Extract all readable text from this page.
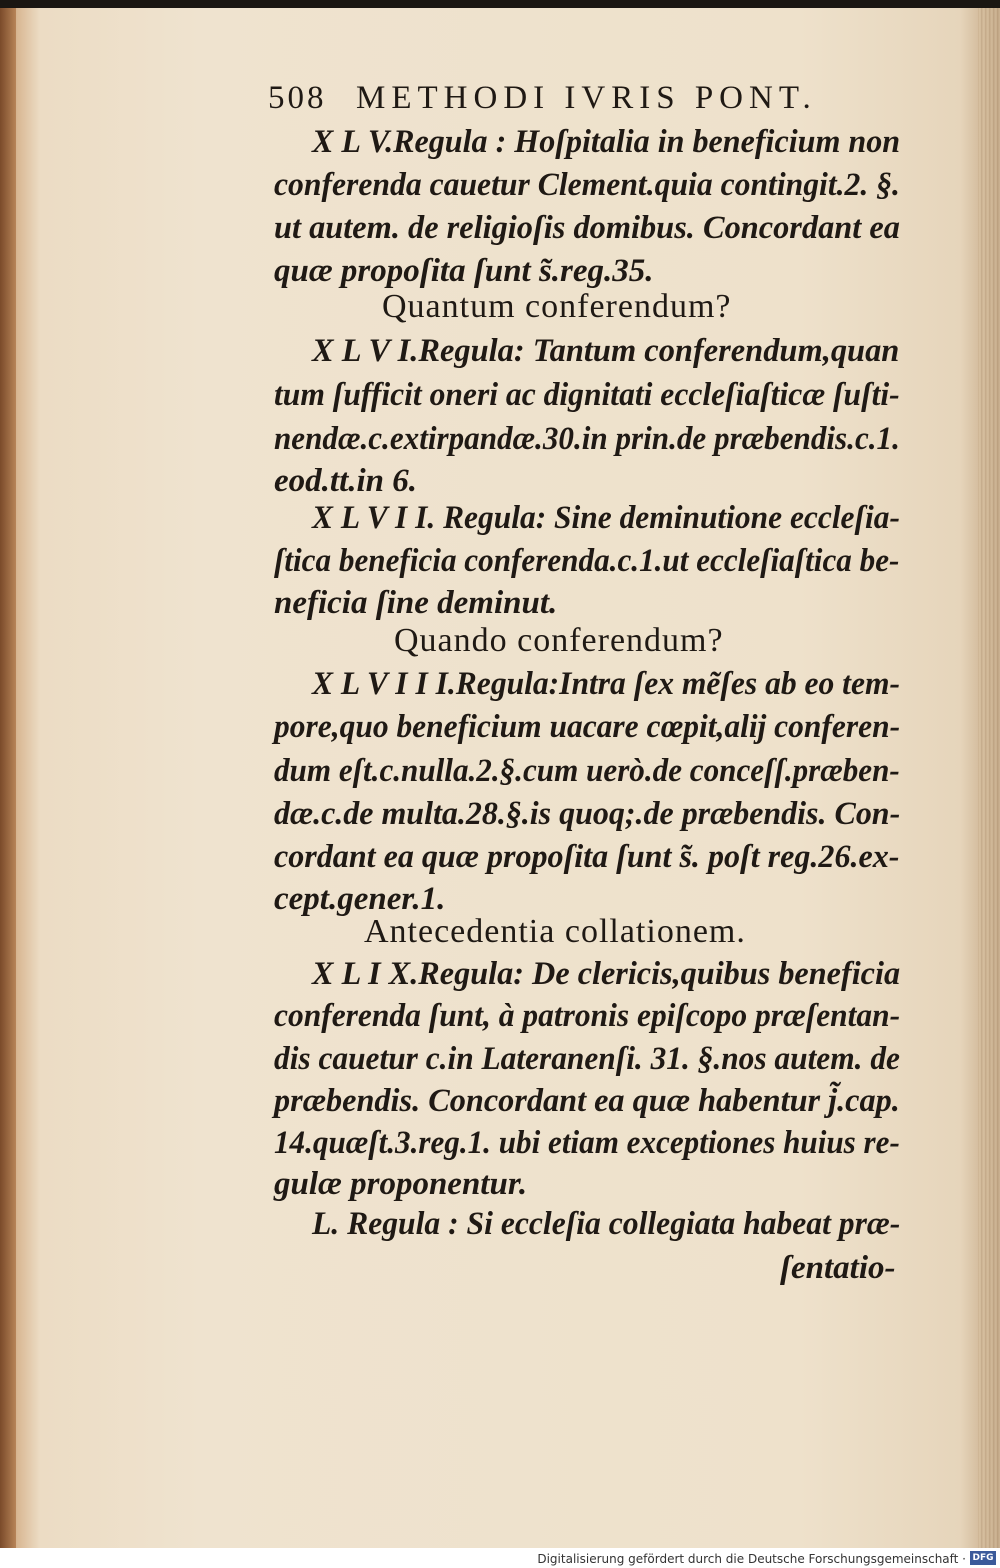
508 METHODI IVRIS PONT.
X L V.Regula : Hoſpitalia in beneficium non
conferenda cauetur Clement.quia contingit.2. §.
ut autem. de religioſis domibus. Concordant ea
quæ propoſita ſunt s̃.reg.35.
Quantum conferendum?
X L V I.Regula: Tantum conferendum,quan
tum ſufficit oneri ac dignitati eccleſiaſticæ ſuſti-
nendæ.c.extirpandæ.30.in prin.de præbendis.c.1.
eod.tt.in 6.
X L V I I. Regula: Sine deminutione eccleſia-
ſtica beneficia conferenda.c.1.ut eccleſiaſtica be-
neficia ſine deminut.
Quando conferendum?
X L V I I I.Regula:Intra ſex mẽſes ab eo tem-
pore,quo beneficium uacare cœpit,alij conferen-
dum eſt.c.nulla.2.§.cum uerò.de conceſſ.præben-
dæ.c.de multa.28.§.is quoq;.de præbendis. Con-
cordant ea quæ propoſita ſunt s̃. poſt reg.26.ex-
cept.gener.1.
Antecedentia collationem.
X L I X.Regula: De clericis,quibus beneficia
conferenda ſunt, à patronis epiſcopo præſentan-
dis cauetur c.in Lateranenſi. 31. §.nos autem. de
præbendis. Concordant ea quæ habentur j̃.cap.
14.quæſt.3.reg.1. ubi etiam exceptiones huius re-
gulæ proponentur.
L. Regula : Si eccleſia collegiata habeat præ-
ſentatio-
Digitalisierung gefördert durch die Deutsche Forschungsgemeinschaft · DFG
